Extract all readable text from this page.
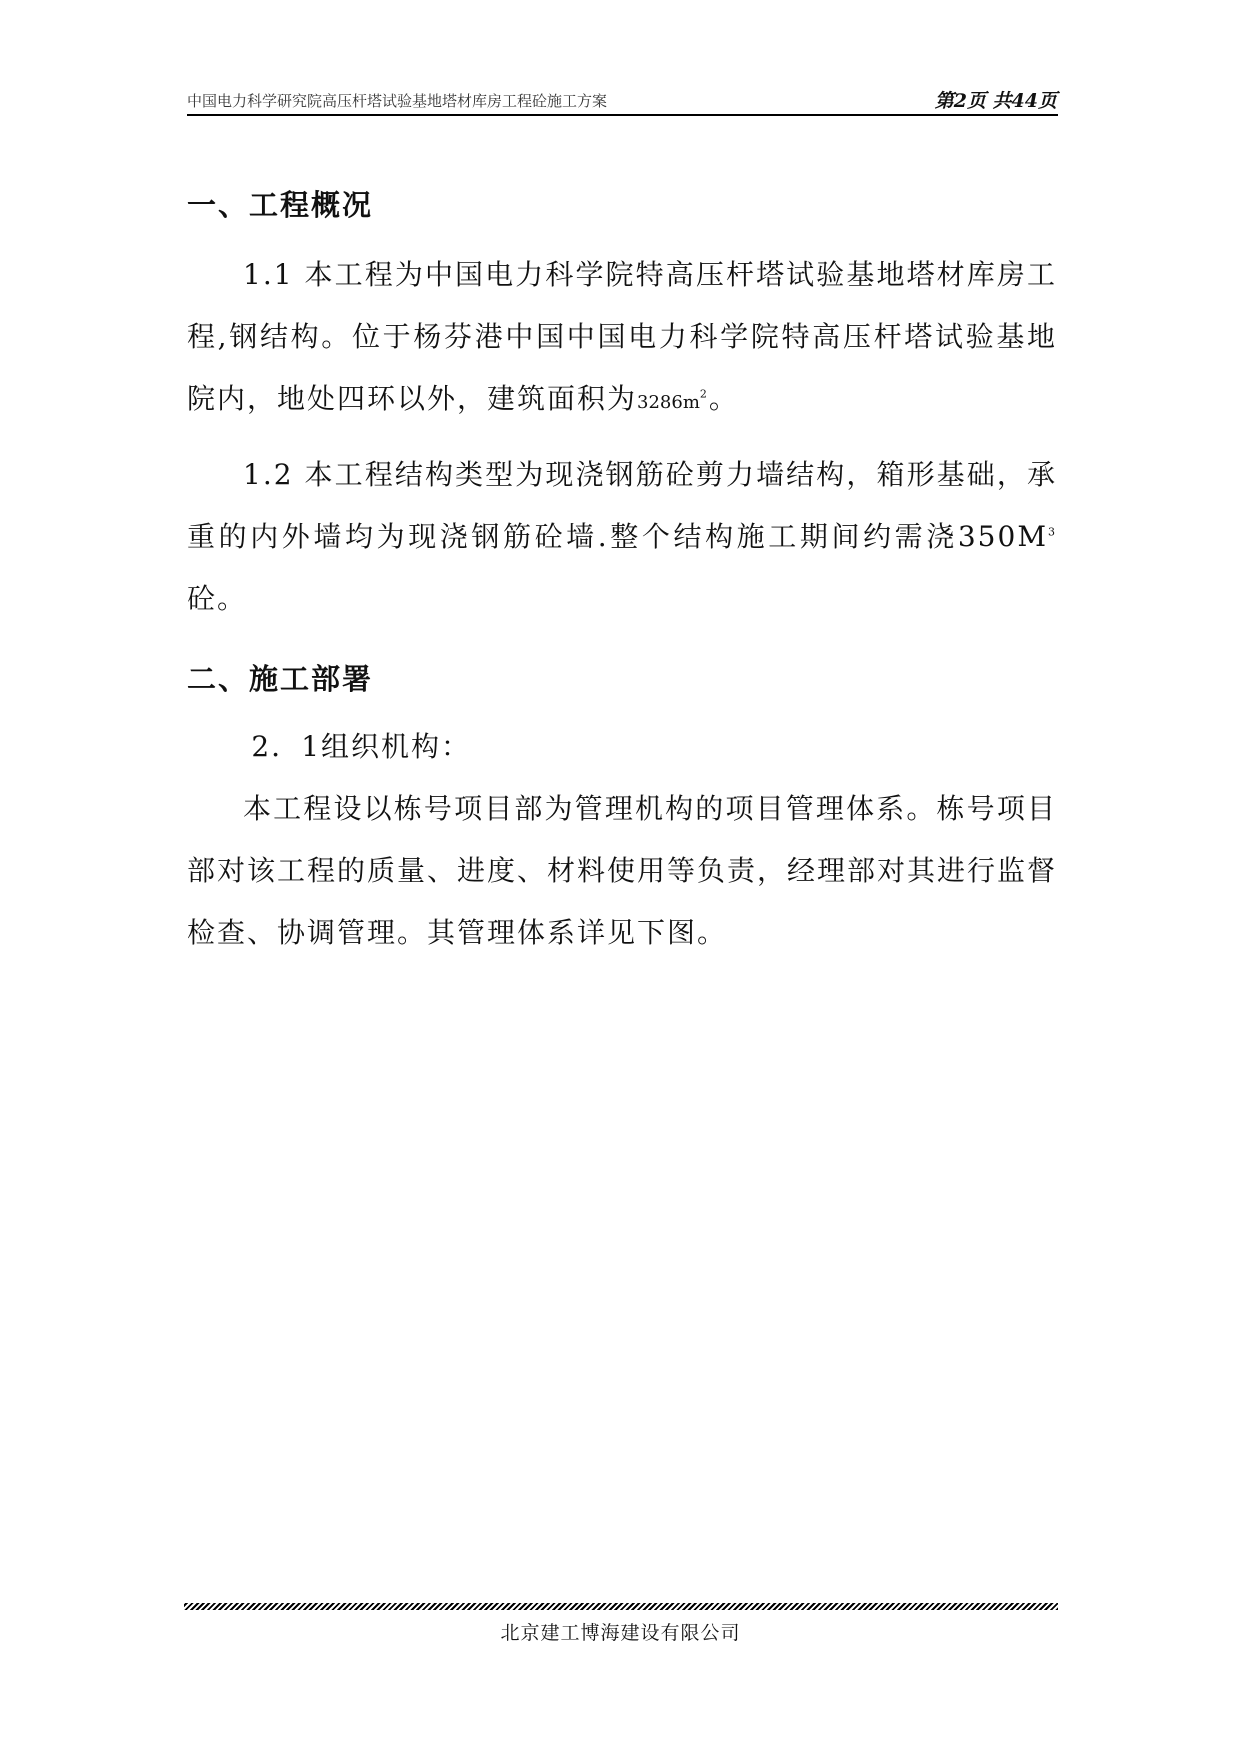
中国电力科学研究院高压杆塔试验基地塔材库房工程砼施工方案	第2页 共44页
一、工程概况

1.1 本工程为中国电力科学院特高压杆塔试验基地塔材库房工程,钢结构。位于杨芬港中国中国电力科学院特高压杆塔试验基地院内，地处四环以外，建筑面积为$3286m^2$。

1.2 本工程结构类型为现浇钢筋砼剪力墙结构，箱形基础，承重的内外墙均为现浇钢筋砼墙.整个结构施工期间约需浇$350M^3$砼。

二、施工部署

2．1组织机构：

本工程设以栋号项目部为管理机构的项目管理体系。栋号项目部对该工程的质量、进度、材料使用等负责，经理部对其进行监督检查、协调管理。其管理体系详见下图。

北京建工博海建设有限公司
